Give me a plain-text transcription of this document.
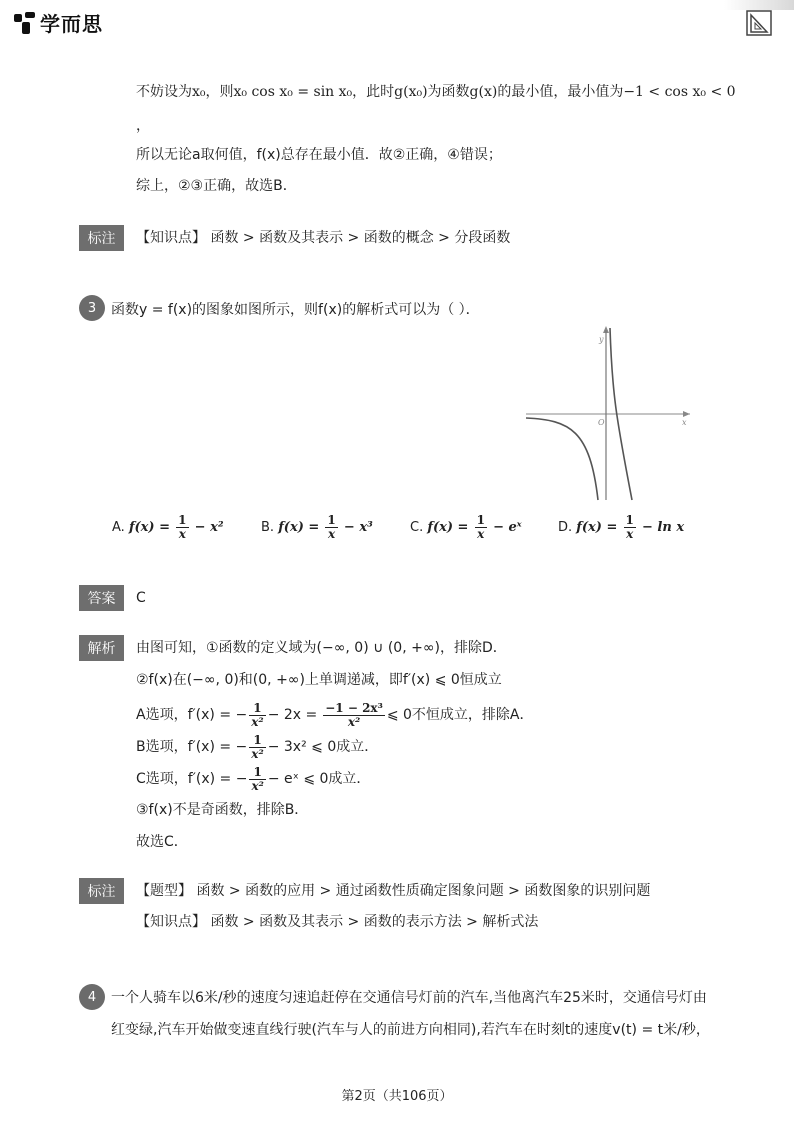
学而思
不妨设为x₀，则x₀ cos x₀ = sin x₀，此时g(x₀)为函数g(x)的最小值，最小值为−1 < cos x₀ < 0
，
所以无论a取何值，f(x)总存在最小值．故②正确，④错误；
综上，②③正确，故选B．
标注	【知识点】 函数 > 函数及其表示 > 函数的概念 > 分段函数
3	函数y = f(x)的图象如图所示，则f(x)的解析式可以为（ ）．
y
x
O
A. $f(x) = \frac{1}{x} - x^2$	B. $f(x) = \frac{1}{x} - x^3$	C. $f(x) = \frac{1}{x}$ − eˣ	D. $f(x) = \frac{1}{x} - \ln x$
答案	C
解析	由图可知，①函数的定义域为(−∞, 0) ∪ (0, +∞)，排除D．
②f(x)在(−∞, 0)和(0, +∞)上单调递减，即f′(x) ⩽ 0恒成立
A选项，f′(x) = − $\frac{1}{\text{x²}} - 2x = \frac{\text{−1 − 2x³}}{\text{x²}}$ ⩽ 0不恒成立，排除A．
B选项，f′(x) = − $\frac{1}{\text{x²}} - 3x^2$ ⩽ 0成立．
C选项，f′(x) = − $\frac{1}{\text{x²}}$ − eˣ ⩽ 0成立．
③f(x)不是奇函数，排除B．
故选C．
标注	【题型】 函数 > 函数的应用 > 通过函数性质确定图象问题 > 函数图象的识别问题
【知识点】 函数 > 函数及其表示 > 函数的表示方法 > 解析式法
4	一个人骑车以6米/秒的速度匀速追赶停在交通信号灯前的汽车,当他离汽车25米时，交通信号灯由
红变绿,汽车开始做变速直线行驶(汽车与人的前进方向相同),若汽车在时刻t的速度v(t) = t米/秒，
第2页（共106页）
